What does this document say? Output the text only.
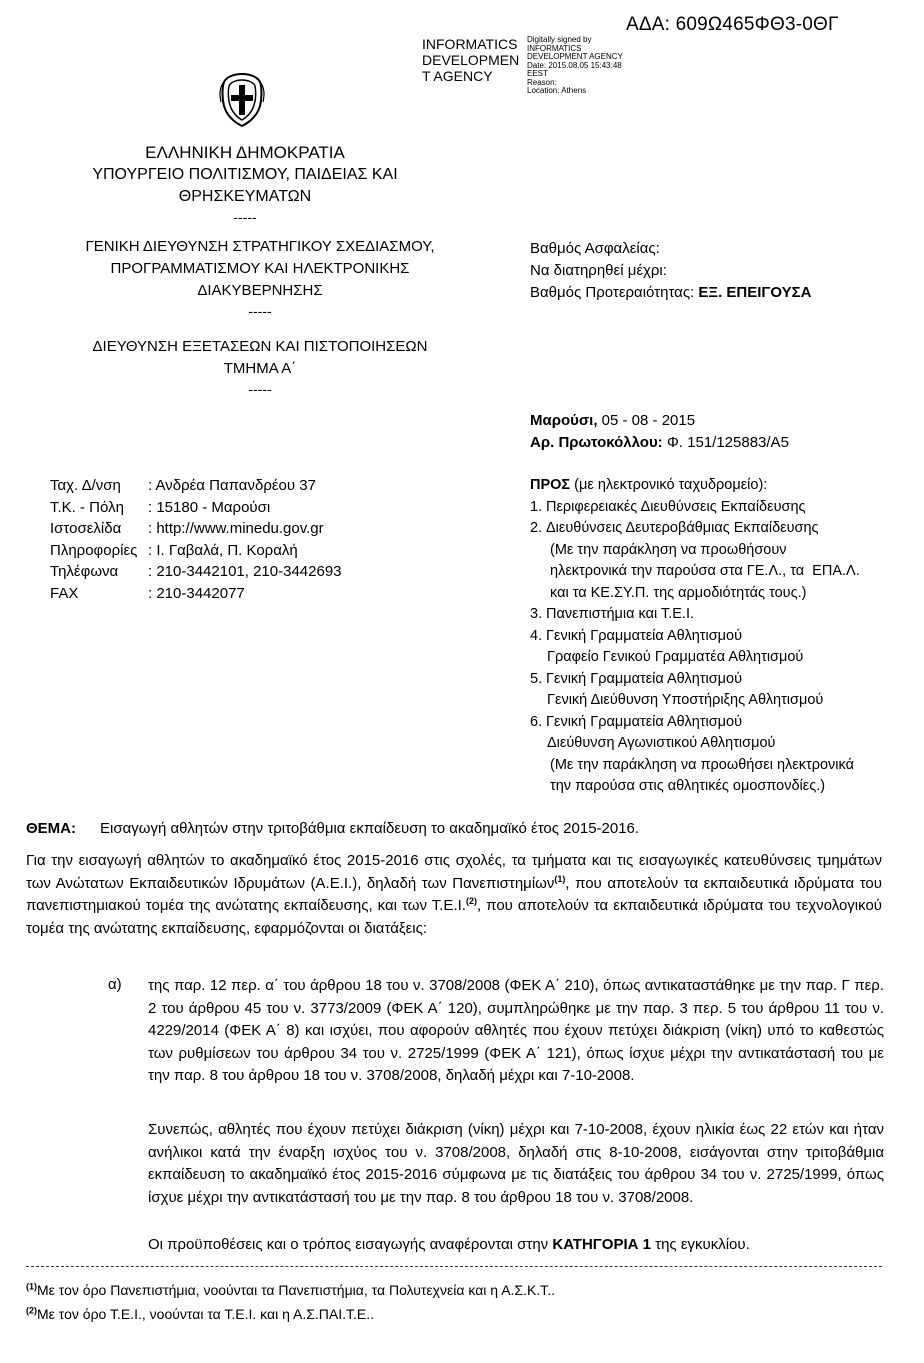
ΑΔΑ: 609Ω465ΦΘ3-0ΘΓ
INFORMATICS
DEVELOPMEN
T AGENCY
Digitally signed by
INFORMATICS
DEVELOPMENT AGENCY
Date: 2015.08.05 15:43:48
EEST
Reason:
Location: Athens
ΕΛΛΗΝΙΚΗ ΔΗΜΟΚΡΑΤΙΑ
ΥΠΟΥΡΓΕΙΟ ΠΟΛΙΤΙΣΜΟΥ, ΠΑΙΔΕΙΑΣ ΚΑΙ
ΘΡΗΣΚΕΥΜΑΤΩΝ
-----
ΓΕΝΙΚΗ ΔΙΕΥΘΥΝΣΗ ΣΤΡΑΤΗΓΙΚΟΥ ΣΧΕΔΙΑΣΜΟΥ,
ΠΡΟΓΡΑΜΜΑΤΙΣΜΟΥ ΚΑΙ ΗΛΕΚΤΡΟΝΙΚΗΣ
ΔΙΑΚΥΒΕΡΝΗΣΗΣ
-----
ΔΙΕΥΘΥΝΣΗ ΕΞΕΤΑΣΕΩΝ ΚΑΙ ΠΙΣΤΟΠΟΙΗΣΕΩΝ
ΤΜΗΜΑ Α΄
-----
Βαθμός Ασφαλείας:
Να διατηρηθεί μέχρι:
Βαθμός Προτεραιότητας: ΕΞ. ΕΠΕΙΓΟΥΣΑ
Μαρούσι, 05 - 08 - 2015
Αρ. Πρωτοκόλλου: Φ. 151/125883/Α5
Ταχ. Δ/νση	: Ανδρέα Παπανδρέου 37
Τ.Κ. - Πόλη	: 15180 - Μαρούσι
Ιστοσελίδα	: http://www.minedu.gov.gr
Πληροφορίες : Ι. Γαβαλά, Π. Κοραλή
Τηλέφωνα	: 210-3442101, 210-3442693
FAX	: 210-3442077
ΠΡΟΣ (με ηλεκτρονικό ταχυδρομείο):
1. Περιφερειακές Διευθύνσεις Εκπαίδευσης
2. Διευθύνσεις Δευτεροβάθμιας Εκπαίδευσης
(Με την παράκληση να προωθήσουν
ηλεκτρονικά την παρούσα στα ΓΕ.Λ., τα  ΕΠΑ.Λ.
και τα ΚΕ.ΣΥ.Π. της αρμοδιότητάς τους.)
3. Πανεπιστήμια και Τ.Ε.Ι.
4. Γενική Γραμματεία Αθλητισμού
Γραφείο Γενικού Γραμματέα Αθλητισμού
5. Γενική Γραμματεία Αθλητισμού
Γενική Διεύθυνση Υποστήριξης Αθλητισμού
6. Γενική Γραμματεία Αθλητισμού
Διεύθυνση Αγωνιστικού Αθλητισμού
(Με την παράκληση να προωθήσει ηλεκτρονικά
την παρούσα στις αθλητικές ομοσπονδίες.)
ΘΕΜΑ:	Εισαγωγή αθλητών στην τριτοβάθμια εκπαίδευση το ακαδημαϊκό έτος 2015-2016.
Για την εισαγωγή αθλητών το ακαδημαϊκό έτος 2015-2016 στις σχολές, τα τμήματα και τις εισαγωγικές κατευθύνσεις τμημάτων των Ανώτατων Εκπαιδευτικών Ιδρυμάτων (Α.Ε.Ι.), δηλαδή των Πανεπιστημίων$^{(1)}$, που αποτελούν τα εκπαιδευτικά ιδρύματα του πανεπιστημιακού τομέα της ανώτατης εκπαίδευσης, και των Τ.Ε.Ι.$^{(2)}$, που αποτελούν τα εκπαιδευτικά ιδρύματα του τεχνολογικού τομέα της ανώτατης εκπαίδευσης, εφαρμόζονται οι διατάξεις:
α) της παρ. 12 περ. α΄ του άρθρου 18 του ν. 3708/2008 (ΦΕΚ Α΄ 210), όπως αντικαταστάθηκε με την παρ. Γ περ. 2 του άρθρου 45 του ν. 3773/2009 (ΦΕΚ Α΄ 120), συμπληρώθηκε με την παρ. 3 περ. 5 του άρθρου 11 του ν. 4229/2014 (ΦΕΚ Α΄ 8) και ισχύει, που αφορούν αθλητές που έχουν πετύχει διάκριση (νίκη) υπό το καθεστώς των ρυθμίσεων του άρθρου 34 του ν. 2725/1999 (ΦΕΚ Α΄ 121), όπως ίσχυε μέχρι την αντικατάστασή του με την παρ. 8 του άρθρου 18 του ν. 3708/2008, δηλαδή μέχρι και 7-10-2008.
Συνεπώς, αθλητές που έχουν πετύχει διάκριση (νίκη) μέχρι και 7-10-2008, έχουν ηλικία έως 22 ετών και ήταν ανήλικοι κατά την έναρξη ισχύος του ν. 3708/2008, δηλαδή στις 8-10-2008, εισάγονται στην τριτοβάθμια εκπαίδευση το ακαδημαϊκό έτος 2015-2016 σύμφωνα με τις διατάξεις του άρθρου 34 του ν. 2725/1999, όπως ίσχυε μέχρι την αντικατάστασή του με την παρ. 8 του άρθρου 18 του ν. 3708/2008.
Οι προϋποθέσεις και ο τρόπος εισαγωγής αναφέρονται στην ΚΑΤΗΓΟΡΙΑ 1 της εγκυκλίου.
$^{(1)}$Με τον όρο Πανεπιστήμια, νοούνται τα Πανεπιστήμια, τα Πολυτεχνεία και η Α.Σ.Κ.Τ..
$^{(2)}$Με τον όρο Τ.Ε.Ι., νοούνται τα Τ.Ε.Ι. και η Α.Σ.ΠΑΙ.Τ.Ε..
